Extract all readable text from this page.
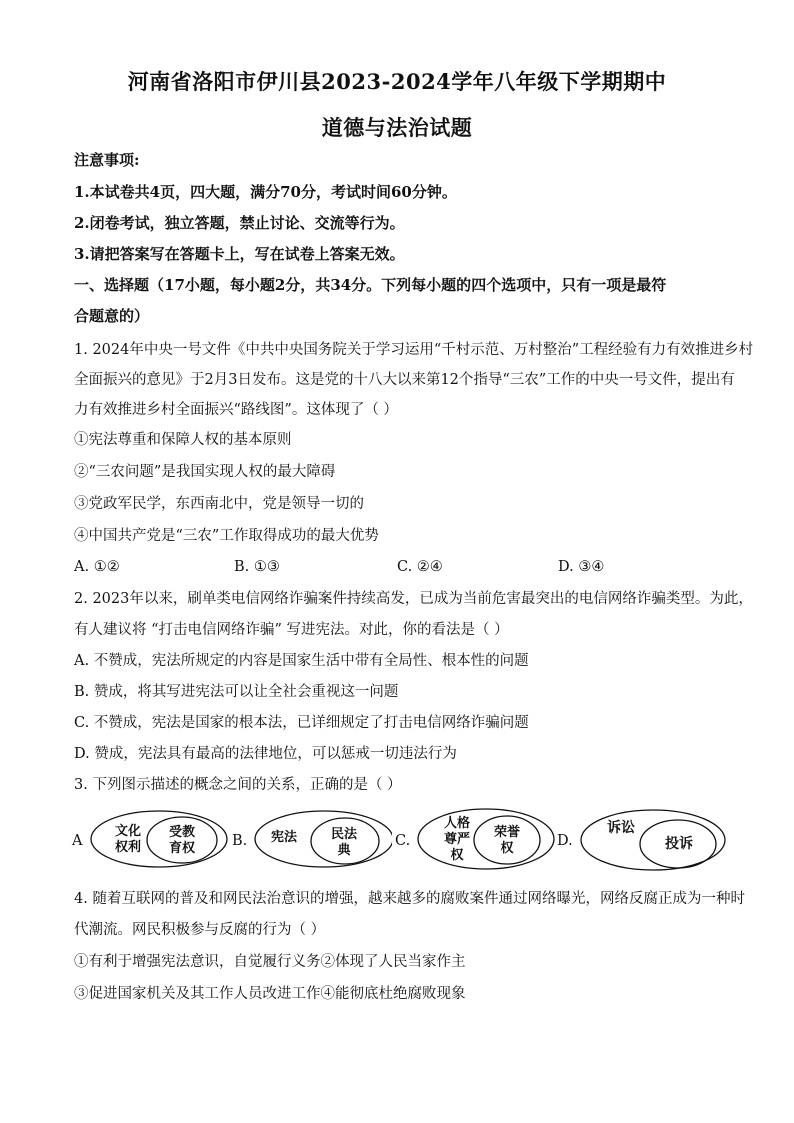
河南省洛阳市伊川县2023-2024学年八年级下学期期中
道德与法治试题
注意事项:
1.本试卷共4页，四大题，满分70分，考试时间60分钟。
2.闭卷考试，独立答题，禁止讨论、交流等行为。
3.请把答案写在答题卡上，写在试卷上答案无效。
一、选择题（17小题，每小题2分，共34分。下列每小题的四个选项中，只有一项是最符
合题意的）
1. 2024年中央一号文件《中共中央国务院关于学习运用“千村示范、万村整治”工程经验有力有效推进乡村
全面振兴的意见》于2月3日发布。这是党的十八大以来第12个指导“三农”工作的中央一号文件，提出有
力有效推进乡村全面振兴“路线图”。这体现了（ ）
①宪法尊重和保障人权的基本原则
②“三农问题”是我国实现人权的最大障碍
③党政军民学，东西南北中，党是领导一切的
④中国共产党是“三农”工作取得成功的最大优势
A. ①②	B. ①③	C. ②④	D. ③④
2. 2023年以来，刷单类电信网络诈骗案件持续高发，已成为当前危害最突出的电信网络诈骗类型。为此，
有人建议将 “打击电信网络诈骗” 写进宪法。对此，你的看法是（ ）
A. 不赞成，宪法所规定的内容是国家生活中带有全局性、根本性的问题
B. 赞成，将其写进宪法可以让全社会重视这一问题
C. 不赞成，宪法是国家的根本法，已详细规定了打击电信网络诈骗问题
D. 赞成，宪法具有最高的法律地位，可以惩戒一切违法行为
3. 下列图示描述的概念之间的关系，正确的是（ ）
A
文化
权利
受教
育权	B.	宪法	民法
典
C.
人格
尊严
权
荣誉
权	D.
诉讼
投诉
4. 随着互联网的普及和网民法治意识的增强，越来越多的腐败案件通过网络曝光，网络反腐正成为一种时
代潮流。网民积极参与反腐的行为（ ）
①有利于增强宪法意识，自觉履行义务②体现了人民当家作主
③促进国家机关及其工作人员改进工作④能彻底杜绝腐败现象
